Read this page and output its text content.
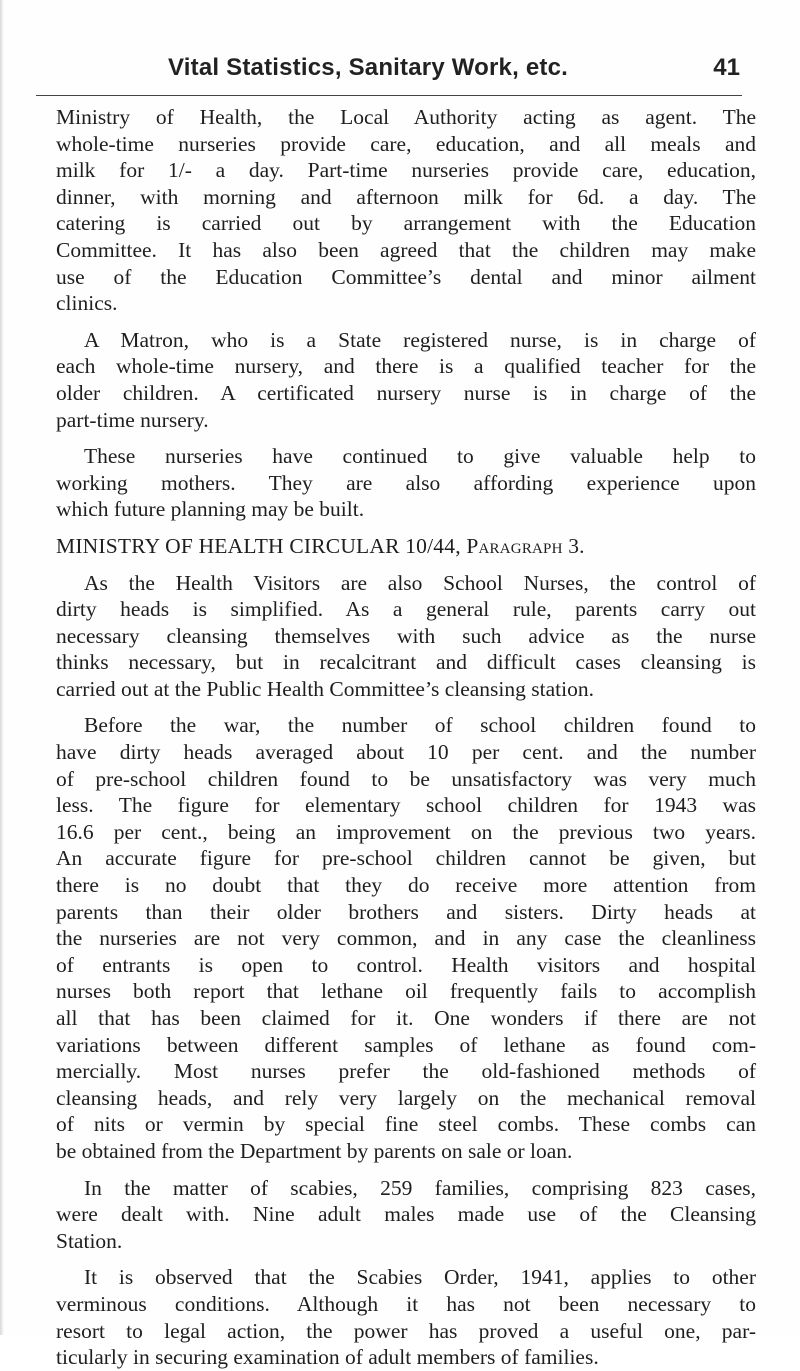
Vital Statistics, Sanitary Work, etc.	41

Ministry of Health, the Local Authority acting as agent. The
whole-time nurseries provide care, education, and all meals and
milk for 1/- a day. Part-time nurseries provide care, education,
dinner, with morning and afternoon milk for 6d. a day. The
catering is carried out by arrangement with the Education
Committee. It has also been agreed that the children may make
use of the Education Committee’s dental and minor ailment
clinics.

A Matron, who is a State registered nurse, is in charge of
each whole-time nursery, and there is a qualified teacher for the
older children. A certificated nursery nurse is in charge of the
part-time nursery.

These nurseries have continued to give valuable help to
working mothers. They are also affording experience upon
which future planning may be built.

MINISTRY OF HEALTH CIRCULAR 10/44, Paragraph 3.

As the Health Visitors are also School Nurses, the control of
dirty heads is simplified. As a general rule, parents carry out
necessary cleansing themselves with such advice as the nurse
thinks necessary, but in recalcitrant and difficult cases cleansing is
carried out at the Public Health Committee’s cleansing station.

Before the war, the number of school children found to
have dirty heads averaged about 10 per cent. and the number
of pre-school children found to be unsatisfactory was very much
less. The figure for elementary school children for 1943 was
16.6 per cent., being an improvement on the previous two years.
An accurate figure for pre-school children cannot be given, but
there is no doubt that they do receive more attention from
parents than their older brothers and sisters. Dirty heads at
the nurseries are not very common, and in any case the cleanliness
of entrants is open to control. Health visitors and hospital
nurses both report that lethane oil frequently fails to accomplish
all that has been claimed for it. One wonders if there are not
variations between different samples of lethane as found com-
mercially. Most nurses prefer the old-fashioned methods of
cleansing heads, and rely very largely on the mechanical removal
of nits or vermin by special fine steel combs. These combs can
be obtained from the Department by parents on sale or loan.

In the matter of scabies, 259 families, comprising 823 cases,
were dealt with. Nine adult males made use of the Cleansing
Station.

It is observed that the Scabies Order, 1941, applies to other
verminous conditions. Although it has not been necessary to
resort to legal action, the power has proved a useful one, par-
ticularly in securing examination of adult members of families.
